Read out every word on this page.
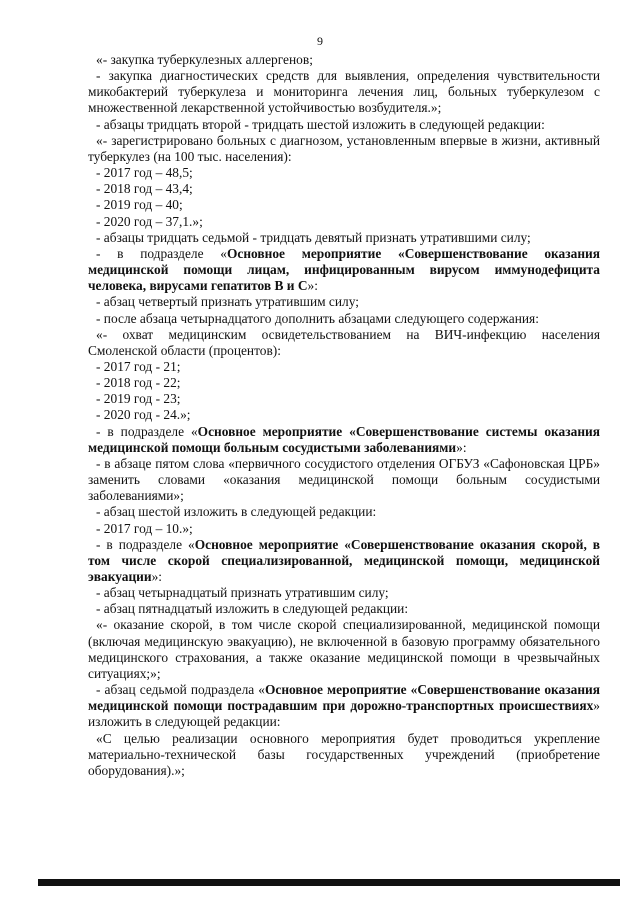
9

«- закупка туберкулезных аллергенов;

- закупка диагностических средств для выявления, определения чувствительности микобактерий туберкулеза и мониторинга лечения лиц, больных туберкулезом с множественной лекарственной устойчивостью возбудителя.»;

- абзацы тридцать второй - тридцать шестой изложить в следующей редакции:

«- зарегистрировано больных с диагнозом, установленным впервые в жизни, активный туберкулез (на 100 тыс. населения):

- 2017 год – 48,5;

- 2018 год – 43,4;

- 2019 год – 40;

- 2020 год – 37,1.»;

- абзацы тридцать седьмой - тридцать девятый признать утратившими силу;

- в подразделе «Основное мероприятие «Совершенствование оказания медицинской помощи лицам, инфицированным вирусом иммунодефицита человека, вирусами гепатитов В и С»:

- абзац четвертый признать утратившим силу;

- после абзаца четырнадцатого дополнить абзацами следующего содержания:

«- охват медицинским освидетельствованием на ВИЧ-инфекцию населения Смоленской области (процентов):

- 2017 год - 21;

- 2018 год - 22;

- 2019 год - 23;

- 2020 год - 24.»;

- в подразделе «Основное мероприятие «Совершенствование системы оказания медицинской помощи больным сосудистыми заболеваниями»:

- в абзаце пятом слова «первичного сосудистого отделения ОГБУЗ «Сафоновская ЦРБ» заменить словами «оказания медицинской помощи больным сосудистыми заболеваниями»;

- абзац шестой изложить в следующей редакции:

- 2017 год – 10.»;

- в подразделе «Основное мероприятие «Совершенствование оказания скорой, в том числе скорой специализированной, медицинской помощи, медицинской эвакуации»:

- абзац четырнадцатый признать утратившим силу;

- абзац пятнадцатый изложить в следующей редакции:

«- оказание скорой, в том числе скорой специализированной, медицинской помощи (включая медицинскую эвакуацию), не включенной в базовую программу обязательного медицинского страхования, а также оказание медицинской помощи в чрезвычайных ситуациях;»;

- абзац седьмой подраздела «Основное мероприятие «Совершенствование оказания медицинской помощи пострадавшим при дорожно-транспортных происшествиях» изложить в следующей редакции:

«С целью реализации основного мероприятия будет проводиться укрепление материально-технической базы государственных учреждений (приобретение оборудования).»;
